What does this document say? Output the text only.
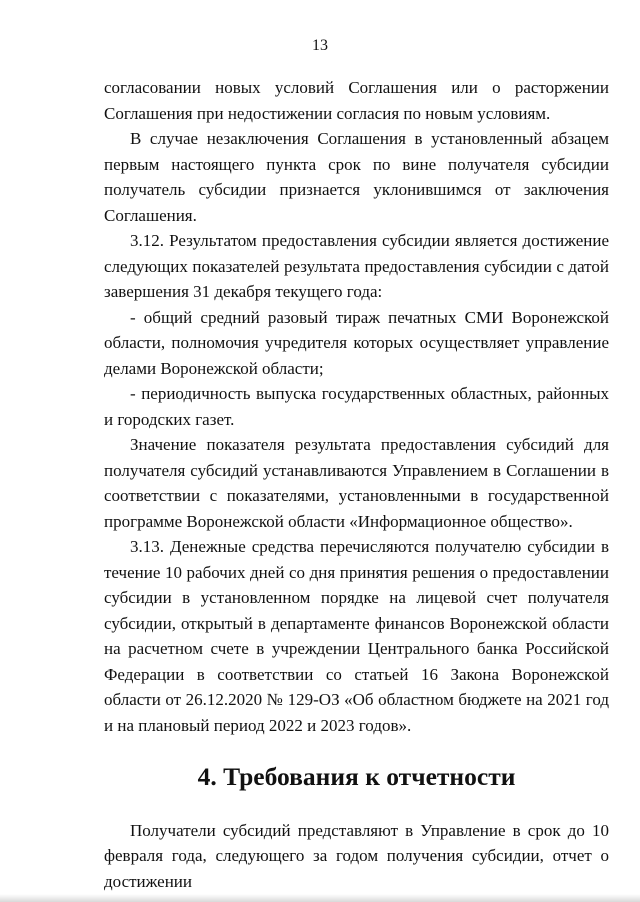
13

согласовании новых условий Соглашения или о расторжении Соглашения при недостижении согласия по новым условиям.

В случае незаключения Соглашения в установленный абзацем первым настоящего пункта срок по вине получателя субсидии получатель субсидии признается уклонившимся от заключения Соглашения.

3.12. Результатом предоставления субсидии является достижение следующих показателей результата предоставления субсидии с датой завершения 31 декабря текущего года:

- общий средний разовый тираж печатных СМИ Воронежской области, полномочия учредителя которых осуществляет управление делами Воронежской области;

- периодичность выпуска государственных областных, районных и городских газет.

Значение показателя результата предоставления субсидий для получателя субсидий устанавливаются Управлением в Соглашении в соответствии с показателями, установленными в государственной программе Воронежской области «Информационное общество».

3.13. Денежные средства перечисляются получателю субсидии в течение 10 рабочих дней со дня принятия решения о предоставлении субсидии в установленном порядке на лицевой счет получателя субсидии, открытый в департаменте финансов Воронежской области на расчетном счете в учреждении Центрального банка Российской Федерации в соответствии со статьей 16 Закона Воронежской области от 26.12.2020 № 129-ОЗ «Об областном бюджете на 2021 год и на плановый период 2022 и 2023 годов».

4. Требования к отчетности

Получатели субсидий представляют в Управление в срок до 10 февраля года, следующего за годом получения субсидии, отчет о достижении
